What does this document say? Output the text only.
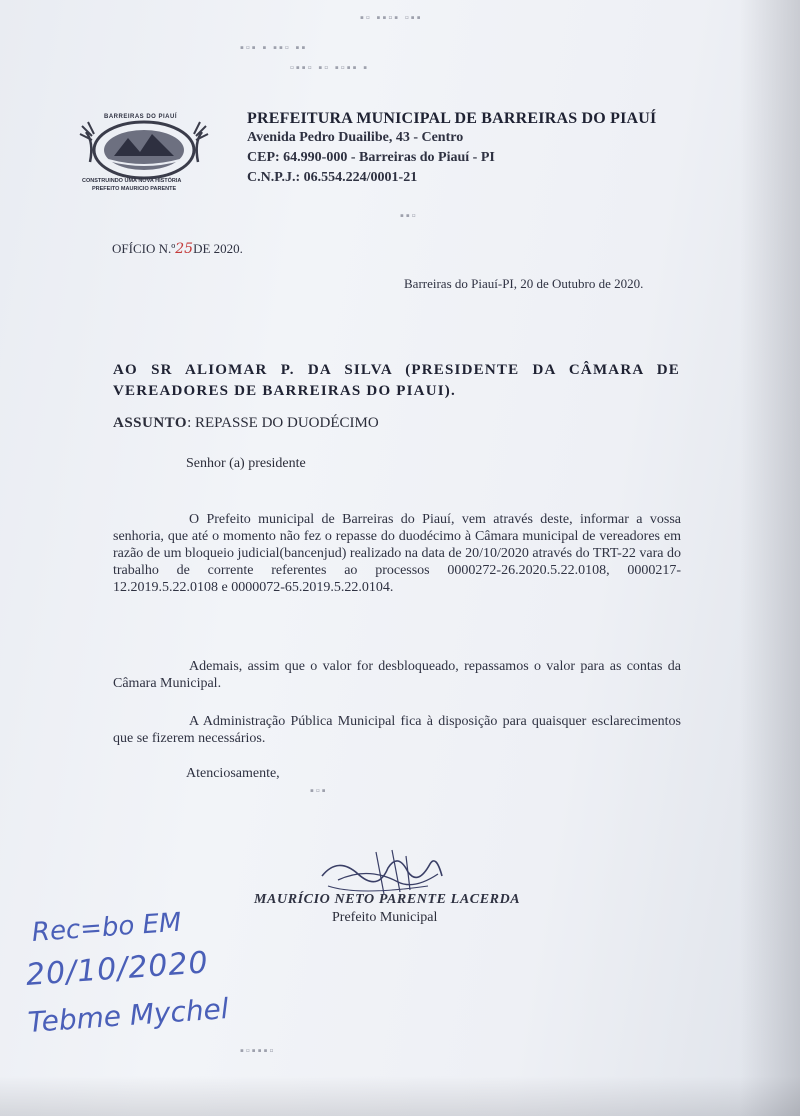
▪▫▪ ▪ ▪▪▫ ▪▪
▫▪▪▫ ▪▫ ▪▫▪▪ ▪
▪▫ ▪▪▫▪ ▫▪▪
▪▪▫
▪▫▪
▪▫▪▪▪▫
BARREIRAS DO PIAUÍ
CONSTRUINDO UMA NOVA HISTÓRIA
PREFEITO MAURICIO PARENTE
PREFEITURA MUNICIPAL DE BARREIRAS DO PIAUÍ
Avenida Pedro Duailibe, 43 - Centro
CEP: 64.990-000 - Barreiras do Piauí - PI
C.N.P.J.: 06.554.224/0001-21
OFÍCIO N.º25DE 2020.
Barreiras do Piauí-PI, 20 de Outubro de 2020.
AO SR ALIOMAR P. DA SILVA (PRESIDENTE DA CÂMARA DE VEREADORES DE BARREIRAS DO PIAUI).
ASSUNTO: REPASSE DO DUODÉCIMO
Senhor (a) presidente
O Prefeito municipal de Barreiras do Piauí, vem através deste, informar a vossa senhoria, que até o momento não fez o repasse do duodécimo à Câmara municipal de vereadores em razão de um bloqueio judicial(bancenjud) realizado na data de 20/10/2020 através do TRT-22 vara do trabalho de corrente referentes ao processos 0000272-26.2020.5.22.0108, 0000217-12.2019.5.22.0108 e 0000072-65.2019.5.22.0104.
Ademais, assim que o valor for desbloqueado, repassamos o valor para as contas da Câmara Municipal.
A Administração Pública Municipal fica à disposição para quaisquer esclarecimentos que se fizerem necessários.
Atenciosamente,
MAURÍCIO NETO PARENTE LACERDA
Prefeito Municipal
Rec=bo EM
20/10/2020
Tebme Mychel
